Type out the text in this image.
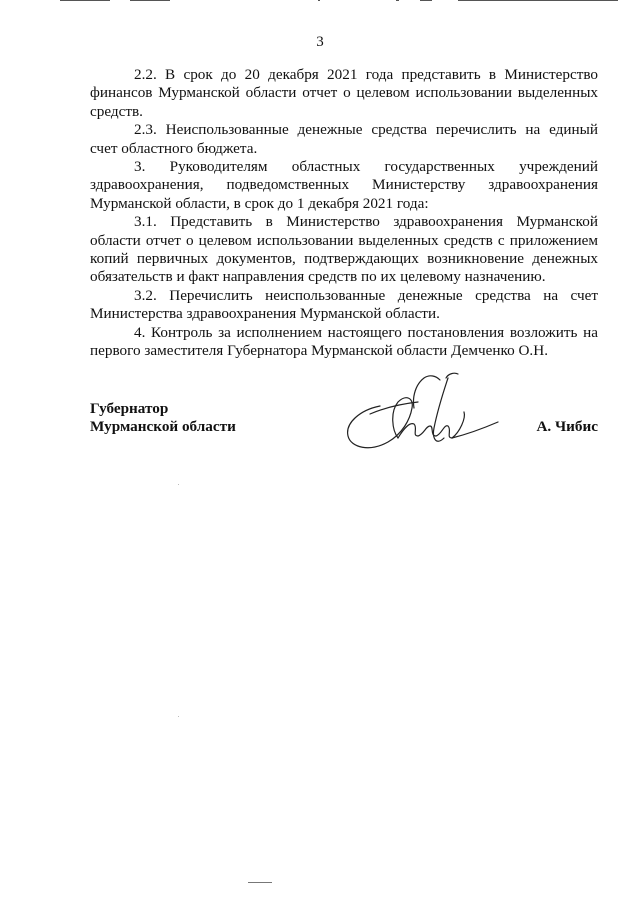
3

2.2. В срок до 20 декабря 2021 года представить в Министерство финансов Мурманской области отчет о целевом использовании выделенных средств.

2.3. Неиспользованные денежные средства перечислить на единый счет областного бюджета.

3. Руководителям областных государственных учреждений здравоохранения, подведомственных Министерству здравоохранения Мурманской области, в срок до 1 декабря 2021 года:

3.1. Представить в Министерство здравоохранения Мурманской области отчет о целевом использовании выделенных средств с приложением копий первичных документов, подтверждающих возникновение денежных обязательств и факт направления средств по их целевому назначению.

3.2. Перечислить неиспользованные денежные средства на счет Министерства здравоохранения Мурманской области.

4. Контроль за исполнением настоящего постановления возложить на первого заместителя Губернатора Мурманской области Демченко О.Н.

Губернатор
Мурманской области	А. Чибис
